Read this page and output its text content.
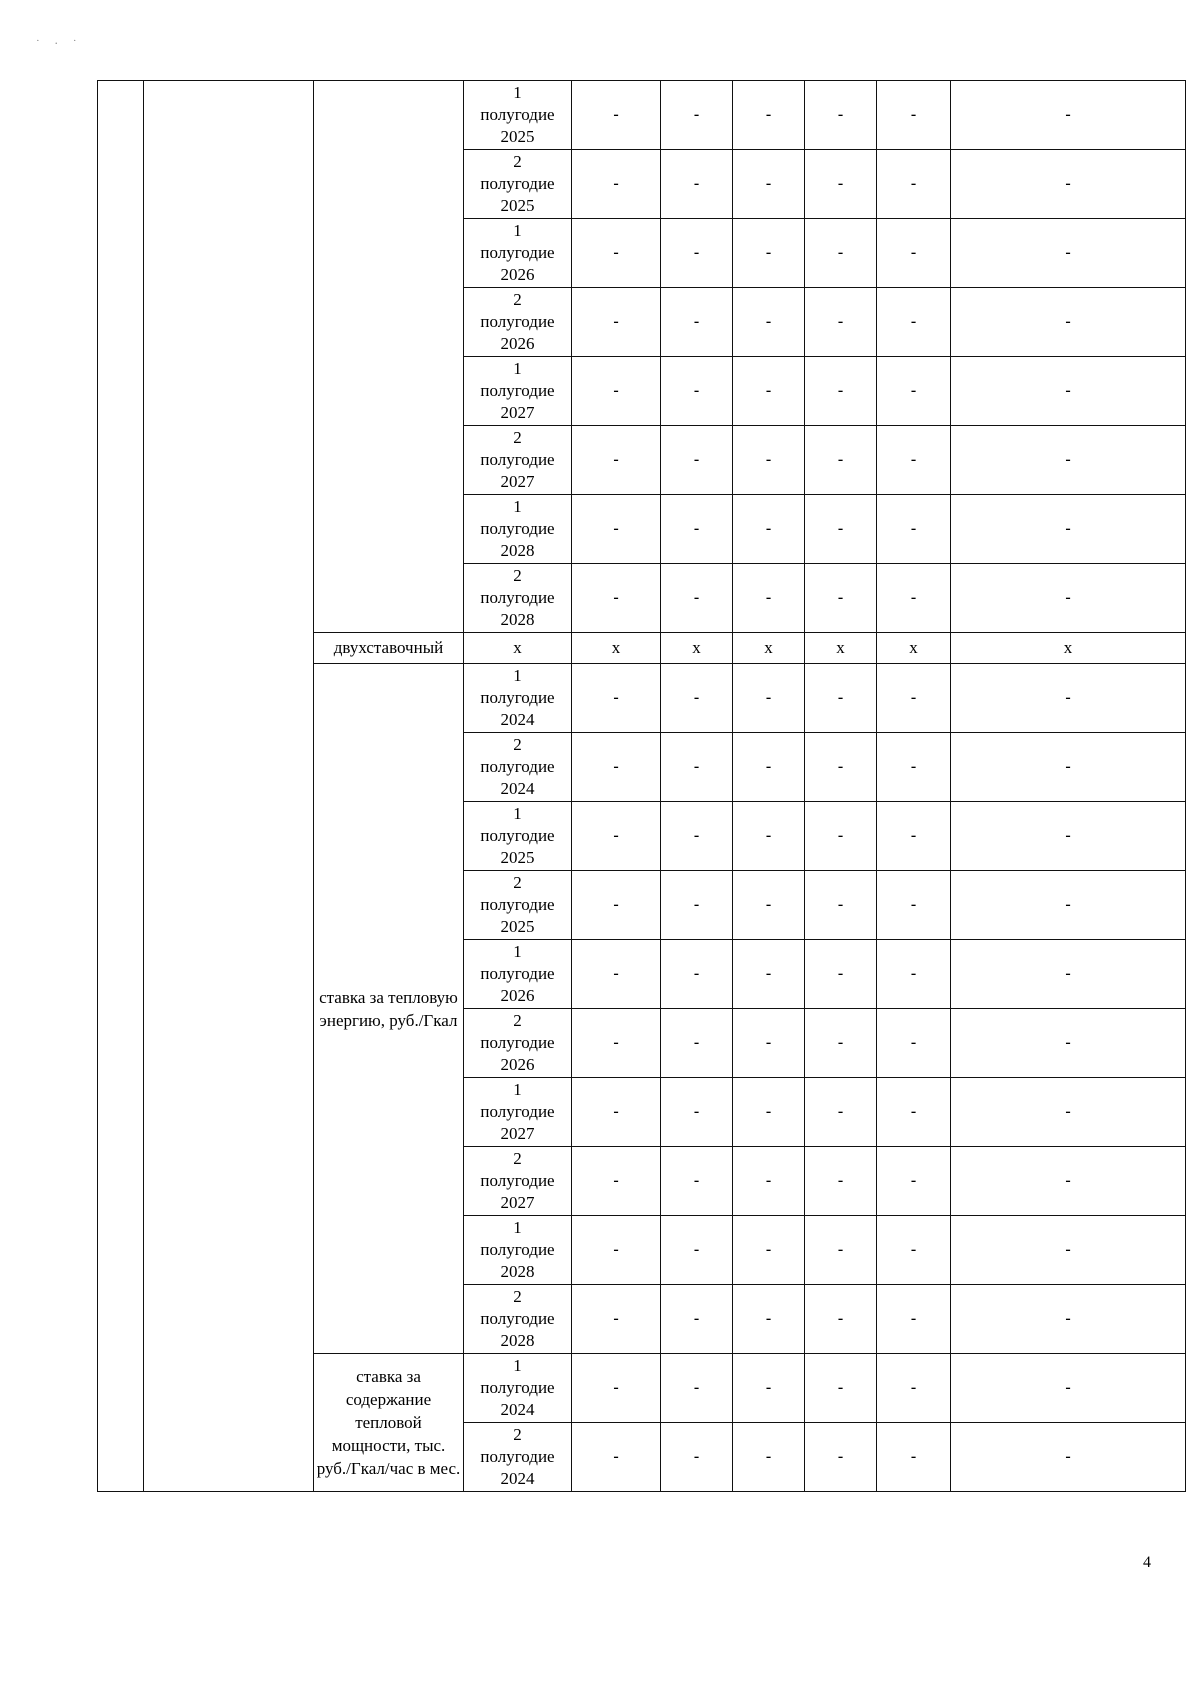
· ․ ·
			1
полугодие
2025	-	-	-	-	-	-
			2
полугодие
2025	-	-	-	-	-	-
			1
полугодие
2026	-	-	-	-	-	-
			2
полугодие
2026	-	-	-	-	-	-
			1
полугодие
2027	-	-	-	-	-	-
			2
полугодие
2027	-	-	-	-	-	-
			1
полугодие
2028	-	-	-	-	-	-
			2
полугодие
2028	-	-	-	-	-	-
		двухставочный	x	x	x	x	x	x	x
		ставка за тепловую энергию, руб./Гкал	1
полугодие
2024	-	-	-	-	-	-
			2
полугодие
2024	-	-	-	-	-	-
			1
полугодие
2025	-	-	-	-	-	-
			2
полугодие
2025	-	-	-	-	-	-
			1
полугодие
2026	-	-	-	-	-	-
			2
полугодие
2026	-	-	-	-	-	-
			1
полугодие
2027	-	-	-	-	-	-
			2
полугодие
2027	-	-	-	-	-	-
			1
полугодие
2028	-	-	-	-	-	-
			2
полугодие
2028	-	-	-	-	-	-
		ставка за содержание тепловой мощности, тыс. руб./Гкал/час в мес.	1
полугодие
2024	-	-	-	-	-	-
			2
полугодие
2024	-	-	-	-	-	-
4
